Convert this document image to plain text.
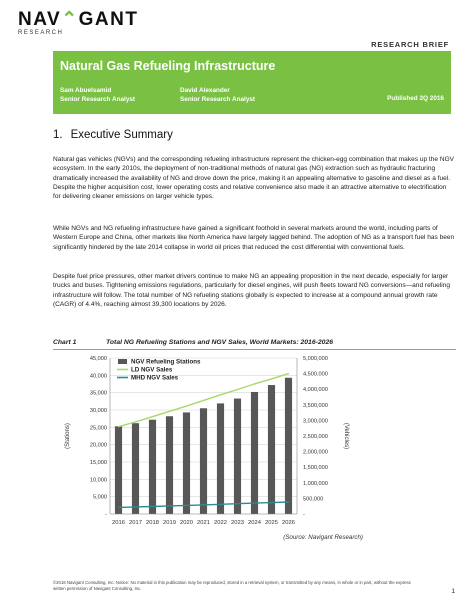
NAV⌃GANT
RESEARCH
RESEARCH BRIEF
Natural Gas Refueling Infrastructure
Sam Abuelsamid
Senior Research Analyst
David Alexander
Senior Research Analyst	Published 2Q 2016
1. Executive Summary

Natural gas vehicles (NGVs) and the corresponding refueling infrastructure represent the chicken-egg combination that makes up the NGV ecosystem. In the early 2010s, the deployment of non-traditional methods of natural gas (NG) extraction such as hydraulic fracturing dramatically increased the availability of NG and drove down the price, making it an appealing alternative to gasoline and diesel as a fuel. Despite the higher acquisition cost, lower operating costs and relative convenience also made it an attractive alternative to electrification for delivering cleaner emissions on larger vehicle types.

While NGVs and NG refueling infrastructure have gained a significant foothold in several markets around the world, including parts of Western Europe and China, other markets like North America have largely lagged behind. The adoption of NG as a transport fuel has been significantly hindered by the late 2014 collapse in world oil prices that reduced the cost differential with conventional fuels.

Despite fuel price pressures, other market drivers continue to make NG an appealing proposition in the next decade, especially for larger trucks and buses. Tightening emissions regulations, particularly for diesel engines, will push fleets toward NG conversions—and refueling infrastructure will follow. The total number of NG refueling stations globally is expected to increase at a compound annual growth rate (CAGR) of 4.4%, reaching almost 39,300 locations by 2026.

Chart 1	Total NG Refueling Stations and NGV Sales, World Markets: 2016-2026
-
5,000
10,000
15,000
20,000
25,000
30,000
35,000
40,000
45,000
-
500,000
1,000,000
1,500,000
2,000,000
2,500,000
3,000,000
3,500,000
4,000,000
4,500,000
5,000,000
2016 2017 2018 2019 2020 2021 2022 2023 2024 2025 2026
(Stations)	(Vehicles)
NGV Refueling Stations
LD NGV Sales
MHD NGV Sales
(Source: Navigant Research)
©2016 Navigant Consulting, Inc. Notice: No material in this publication may be reproduced, stored in a retrieval system, or transmitted by any means, in whole or in part, without the express written permission of Navigant Consulting, Inc.	1
